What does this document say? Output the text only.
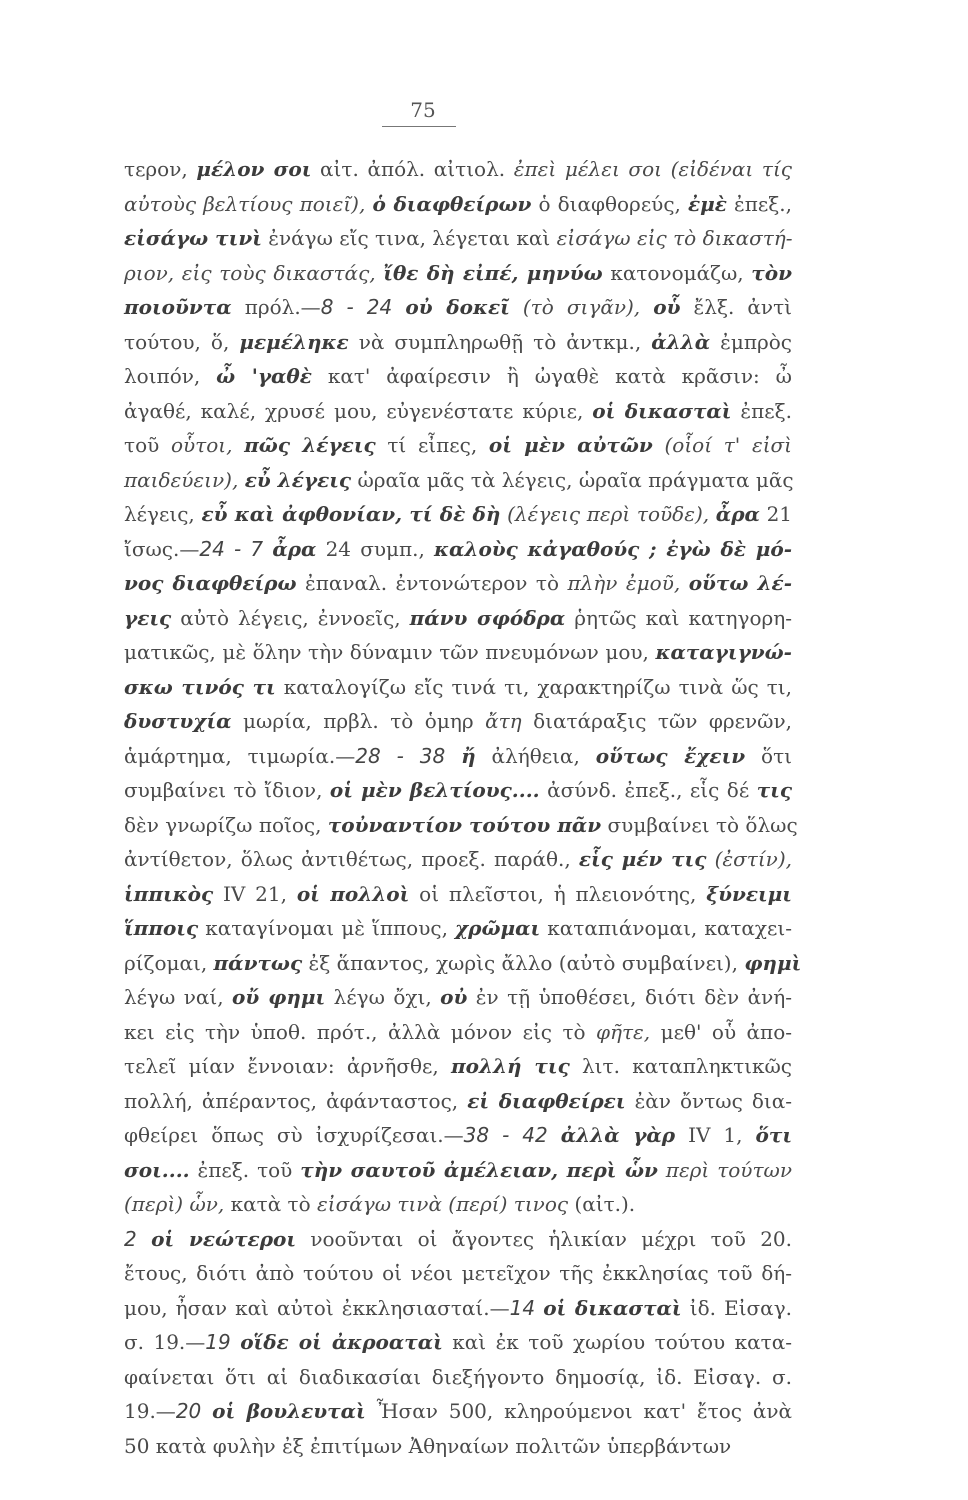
75
τερον, μέλον σοι αἰτ. ἀπόλ. αἰτιολ. ἐπεὶ μέλει σοι (εἰδέναι τίς
αὐτοὺς βελτίους ποιεῖ), ὁ διαφθείρων ὁ διαφθορεύς, ἐμὲ ἐπεξ.,
εἰσάγω τινὶ ἐνάγω εἴς τινα, λέγεται καὶ εἰσάγω εἰς τὸ δικαστή-
ριον, εἰς τοὺς δικαστάς, ἴθε δὴ εἰπέ, μηνύω κατονομάζω, τὸν
ποιοῦντα πρόλ.—8 - 24 οὐ δοκεῖ (τὸ σιγᾶν), οὗ ἔλξ. ἀντὶ
τούτου, ὅ, μεμέληκε νὰ συμπληρωθῇ τὸ ἀντκμ., ἀλλὰ ἐμπρὸς
λοιπόν, ὦ 'γαθὲ κατ' ἀφαίρεσιν ἢ ὠγαθὲ κατὰ κρᾶσιν: ὦ
ἀγαθέ, καλέ, χρυσέ μου, εὐγενέστατε κύριε, οἱ δικασταὶ ἐπεξ.
τοῦ οὗτοι, πῶς λέγεις τί εἶπες, οἱ μὲν αὐτῶν (οἷοί τ' εἰσὶ
παιδεύειν), εὖ λέγεις ὡραῖα μᾶς τὰ λέγεις, ὡραῖα πράγματα μᾶς
λέγεις, εὖ καὶ ἀφθονίαν, τί δὲ δὴ (λέγεις περὶ τοῦδε), ἆρα 21
ἴσως.—24 - 7 ἆρα 24 συμπ., καλοὺς κἀγαθούς ; ἐγὼ δὲ μό-
νος διαφθείρω ἐπαναλ. ἐντονώτερον τὸ πλὴν ἐμοῦ, οὕτω λέ-
γεις αὐτὸ λέγεις, ἐννοεῖς, πάνυ σφόδρα ῥητῶς καὶ κατηγορη-
ματικῶς, μὲ ὅλην τὴν δύναμιν τῶν πνευμόνων μου, καταγιγνώ-
σκω τινός τι καταλογίζω εἴς τινά τι, χαρακτηρίζω τινὰ ὥς τι,
δυστυχία μωρία, πρβλ. τὸ ὁμηρ ἄτη διατάραξις τῶν φρενῶν,
ἁμάρτημα, τιμωρία.—28 - 38 ἤ ἀλήθεια, οὕτως ἔχειν ὅτι
συμβαίνει τὸ ἴδιον, οἱ μὲν βελτίους.... ἀσύνδ. ἐπεξ., εἷς δέ τις
δὲν γνωρίζω ποῖος, τοὐναντίον τούτου πᾶν συμβαίνει τὸ ὅλως
ἀντίθετον, ὅλως ἀντιθέτως, προεξ. παράθ., εἷς μέν τις (ἐστίν),
ἱππικὸς IV 21, οἱ πολλοὶ οἱ πλεῖστοι, ἡ πλειονότης, ξύνειμι
ἵπποις καταγίνομαι μὲ ἵππους, χρῶμαι καταπιάνομαι, καταχει-
ρίζομαι, πάντως ἐξ ἅπαντος, χωρὶς ἄλλο (αὐτὸ συμβαίνει), φημὶ
λέγω ναί, οὔ φημι λέγω ὄχι, οὐ ἐν τῇ ὑποθέσει, διότι δὲν ἀνή-
κει εἰς τὴν ὑποθ. πρότ., ἀλλὰ μόνον εἰς τὸ φῆτε, μεθ' οὗ ἀπο-
τελεῖ μίαν ἔννοιαν: ἀρνῆσθε, πολλή τις λιτ. καταπληκτικῶς
πολλή, ἀπέραντος, ἀφάνταστος, εἰ διαφθείρει ἐὰν ὄντως δια-
φθείρει ὅπως σὺ ἰσχυρίζεσαι.—38 - 42 ἀλλὰ γὰρ IV 1, ὅτι
σοι.... ἐπεξ. τοῦ τὴν σαυτοῦ ἀμέλειαν, περὶ ὧν περὶ τούτων
(περὶ) ὧν, κατὰ τὸ εἰσάγω τινὰ (περί) τινος (αἰτ.).
2 οἱ νεώτεροι νοοῦνται οἱ ἄγοντες ἡλικίαν μέχρι τοῦ 20.
ἔτους, διότι ἀπὸ τούτου οἱ νέοι μετεῖχον τῆς ἐκκλησίας τοῦ δή-
μου, ἦσαν καὶ αὐτοὶ ἐκκλησιασταί.—14 οἱ δικασταὶ ἰδ. Εἰσαγ.
σ. 19.—19 οἵδε οἱ ἀκροαταὶ καὶ ἐκ τοῦ χωρίου τούτου κατα-
φαίνεται ὅτι αἱ διαδικασίαι διεξήγοντο δημοσίᾳ, ἰδ. Εἰσαγ. σ.
19.—20 οἱ βουλευταὶ Ἦσαν 500, κληρούμενοι κατ' ἔτος ἀνὰ
50 κατὰ φυλὴν ἐξ ἐπιτίμων Ἀθηναίων πολιτῶν ὑπερβάντων
